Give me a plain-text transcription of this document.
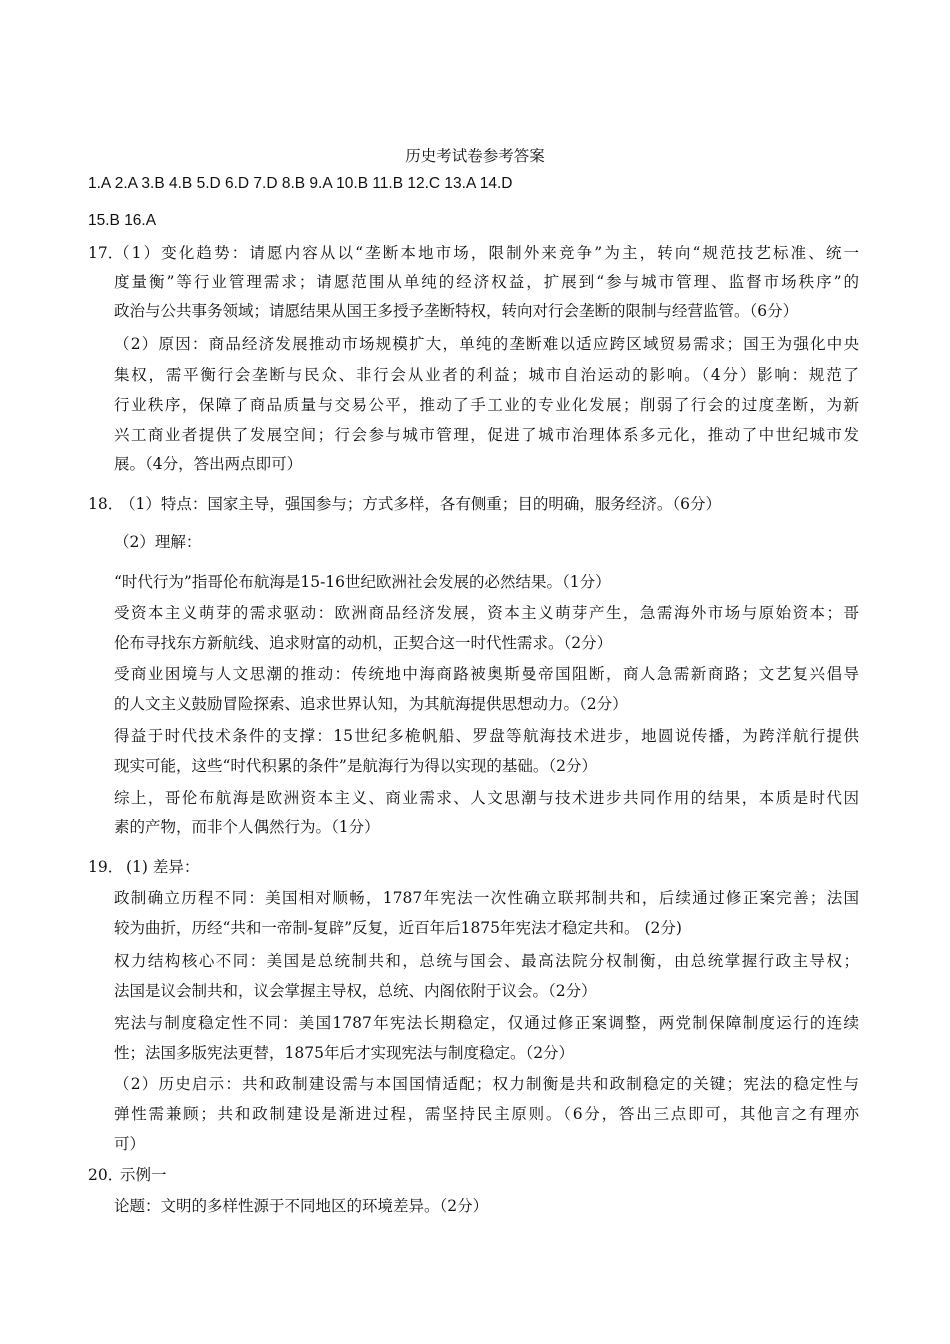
历史考试卷参考答案
1.A 2.A 3.B 4.B 5.D 6.D 7.D 8.B 9.A 10.B 11.B 12.C 13.A 14.D
15.B 16.A
17．
（1）变化趋势：请愿内容从以“垄断本地市场，限制外来竞争”为主，转向“规范技艺标准、统一
度量衡”等行业管理需求；请愿范围从单纯的经济权益，扩展到“参与城市管理、监督市场秩序”的
政治与公共事务领域；请愿结果从国王多授予垄断特权，转向对行会垄断的限制与经营监管。（6分）
（2）原因：商品经济发展推动市场规模扩大，单纯的垄断难以适应跨区域贸易需求；国王为强化中央
集权，需平衡行会垄断与民众、非行会从业者的利益；城市自治运动的影响。（4分）影响：规范了
行业秩序，保障了商品质量与交易公平，推动了手工业的专业化发展；削弱了行会的过度垄断，为新
兴工商业者提供了发展空间；行会参与城市管理，促进了城市治理体系多元化，推动了中世纪城市发
展。（4分，答出两点即可）
18．
（1）特点：国家主导，强国参与；方式多样，各有侧重；目的明确，服务经济。（6分）
（2）理解：
“时代行为”指哥伦布航海是15-16世纪欧洲社会发展的必然结果。（1分）
受资本主义萌芽的需求驱动：欧洲商品经济发展，资本主义萌芽产生，急需海外市场与原始资本；哥
伦布寻找东方新航线、追求财富的动机，正契合这一时代性需求。（2分）
受商业困境与人文思潮的推动：传统地中海商路被奥斯曼帝国阻断，商人急需新商路；文艺复兴倡导
的人文主义鼓励冒险探索、追求世界认知，为其航海提供思想动力。（2分）
得益于时代技术条件的支撑：15世纪多桅帆船、罗盘等航海技术进步，地圆说传播，为跨洋航行提供
现实可能，这些“时代积累的条件”是航海行为得以实现的基础。（2分）
综上，哥伦布航海是欧洲资本主义、商业需求、人文思潮与技术进步共同作用的结果，本质是时代因
素的产物，而非个人偶然行为。（1分）
19． (1) 差异：
政制确立历程不同：美国相对顺畅，1787年宪法一次性确立联邦制共和，后续通过修正案完善；法国
较为曲折，历经“共和一帝制-复辟”反复，近百年后1875年宪法才稳定共和。 (2分)
权力结构核心不同：美国是总统制共和，总统与国会、最高法院分权制衡，由总统掌握行政主导权；
法国是议会制共和，议会掌握主导权，总统、内阁依附于议会。（2分）
宪法与制度稳定性不同：美国1787年宪法长期稳定，仅通过修正案调整，两党制保障制度运行的连续
性；法国多版宪法更替，1875年后才实现宪法与制度稳定。（2分）
（2）历史启示：共和政制建设需与本国国情适配；权力制衡是共和政制稳定的关键；宪法的稳定性与
弹性需兼顾；共和政制建设是渐进过程，需坚持民主原则。（6分，答出三点即可，其他言之有理亦
可）
20．
示例一
论题：文明的多样性源于不同地区的环境差异。（2分）
